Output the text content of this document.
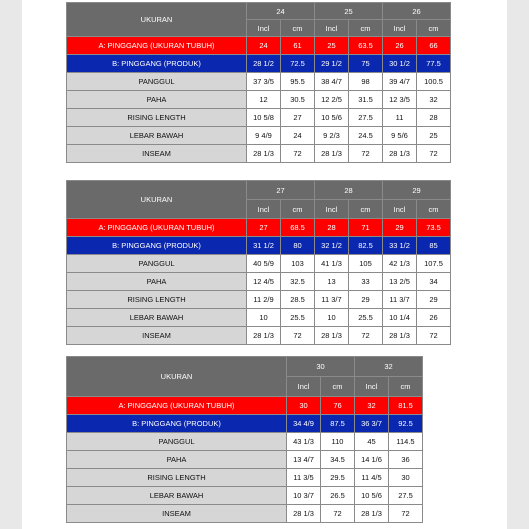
UKURAN	24		25		26	
	Incl	cm	Incl	cm	Incl	cm
A: PINGGANG (UKURAN TUBUH)	24	61	25	63.5	26	66
B: PINGGANG (PRODUK)	28 1/2	72.5	29 1/2	75	30 1/2	77.5
PANGGUL	37 3/5	95.5	38 4/7	98	39 4/7	100.5
PAHA	12	30.5	12 2/5	31.5	12 3/5	32
RISING LENGTH	10 5/8	27	10 5/6	27.5	11	28
LEBAR BAWAH	9 4/9	24	9 2/3	24.5	9 5/6	25
INSEAM	28 1/3	72	28 1/3	72	28 1/3	72
UKURAN	27		28		29	
	Incl	cm	Incl	cm	Incl	cm
A: PINGGANG (UKURAN TUBUH)	27	68.5	28	71	29	73.5
B: PINGGANG (PRODUK)	31 1/2	80	32 1/2	82.5	33 1/2	85
PANGGUL	40 5/9	103	41 1/3	105	42 1/3	107.5
PAHA	12 4/5	32.5	13	33	13 2/5	34
RISING LENGTH	11 2/9	28.5	11 3/7	29	11 3/7	29
LEBAR BAWAH	10	25.5	10	25.5	10 1/4	26
INSEAM	28 1/3	72	28 1/3	72	28 1/3	72
UKURAN	30		32	
	Incl	cm	Incl	cm
A: PINGGANG (UKURAN TUBUH)	30	76	32	81.5
B: PINGGANG (PRODUK)	34 4/9	87.5	36 3/7	92.5
PANGGUL	43 1/3	110	45	114.5
PAHA	13 4/7	34.5	14 1/6	36
RISING LENGTH	11 3/5	29.5	11 4/5	30
LEBAR BAWAH	10 3/7	26.5	10 5/6	27.5
INSEAM	28 1/3	72	28 1/3	72
